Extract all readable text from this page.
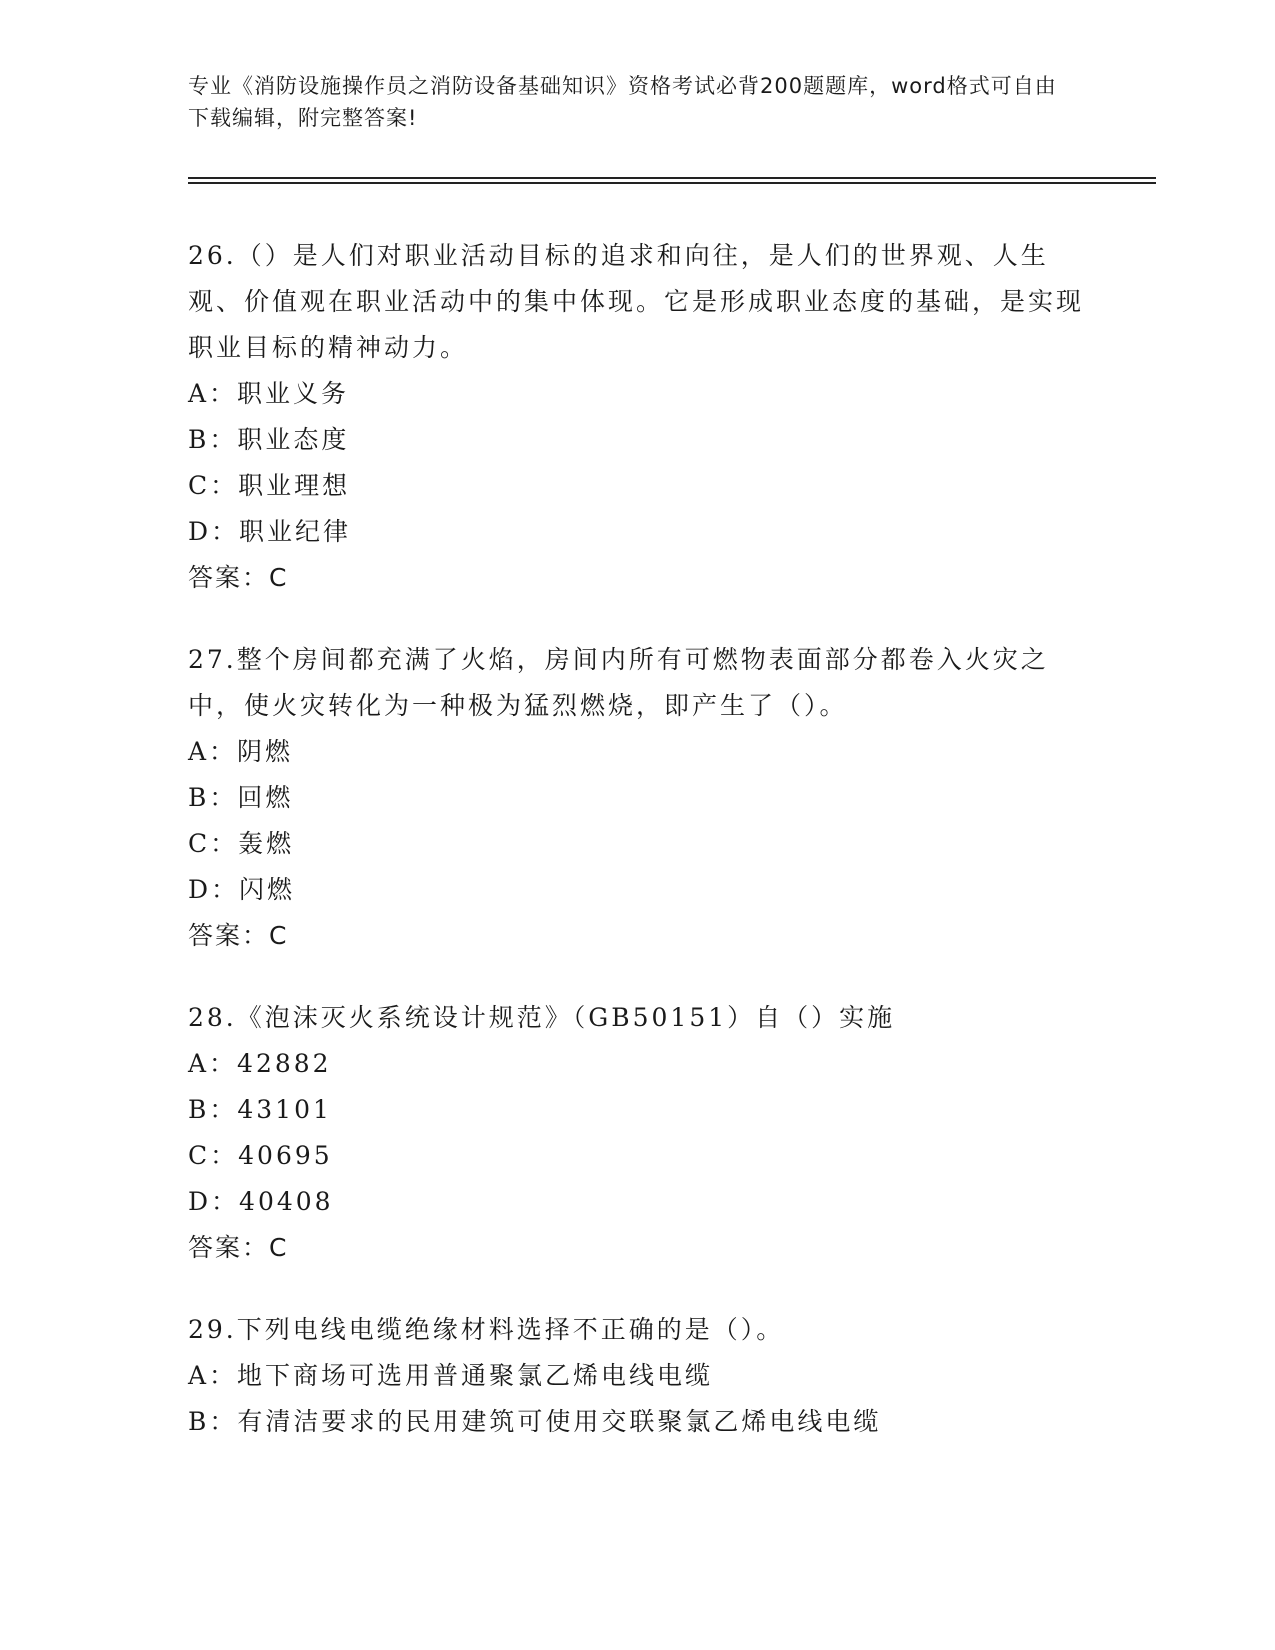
专业《消防设施操作员之消防设备基础知识》资格考试必背200题题库，word格式可自由下载编辑，附完整答案!

26.（）是人们对职业活动目标的追求和向往，是人们的世界观、人生观、价值观在职业活动中的集中体现。它是形成职业态度的基础，是实现职业目标的精神动力。

A：职业义务

B：职业态度

C：职业理想

D：职业纪律

答案：C

27.整个房间都充满了火焰，房间内所有可燃物表面部分都卷入火灾之中，使火灾转化为一种极为猛烈燃烧，即产生了（）。

A：阴燃

B：回燃

C：轰燃

D：闪燃

答案：C

28.《泡沫灭火系统设计规范》（GB50151）自（）实施

A：42882

B：43101

C：40695

D：40408

答案：C

29.下列电线电缆绝缘材料选择不正确的是（）。

A：地下商场可选用普通聚氯乙烯电线电缆

B：有清洁要求的民用建筑可使用交联聚氯乙烯电线电缆
